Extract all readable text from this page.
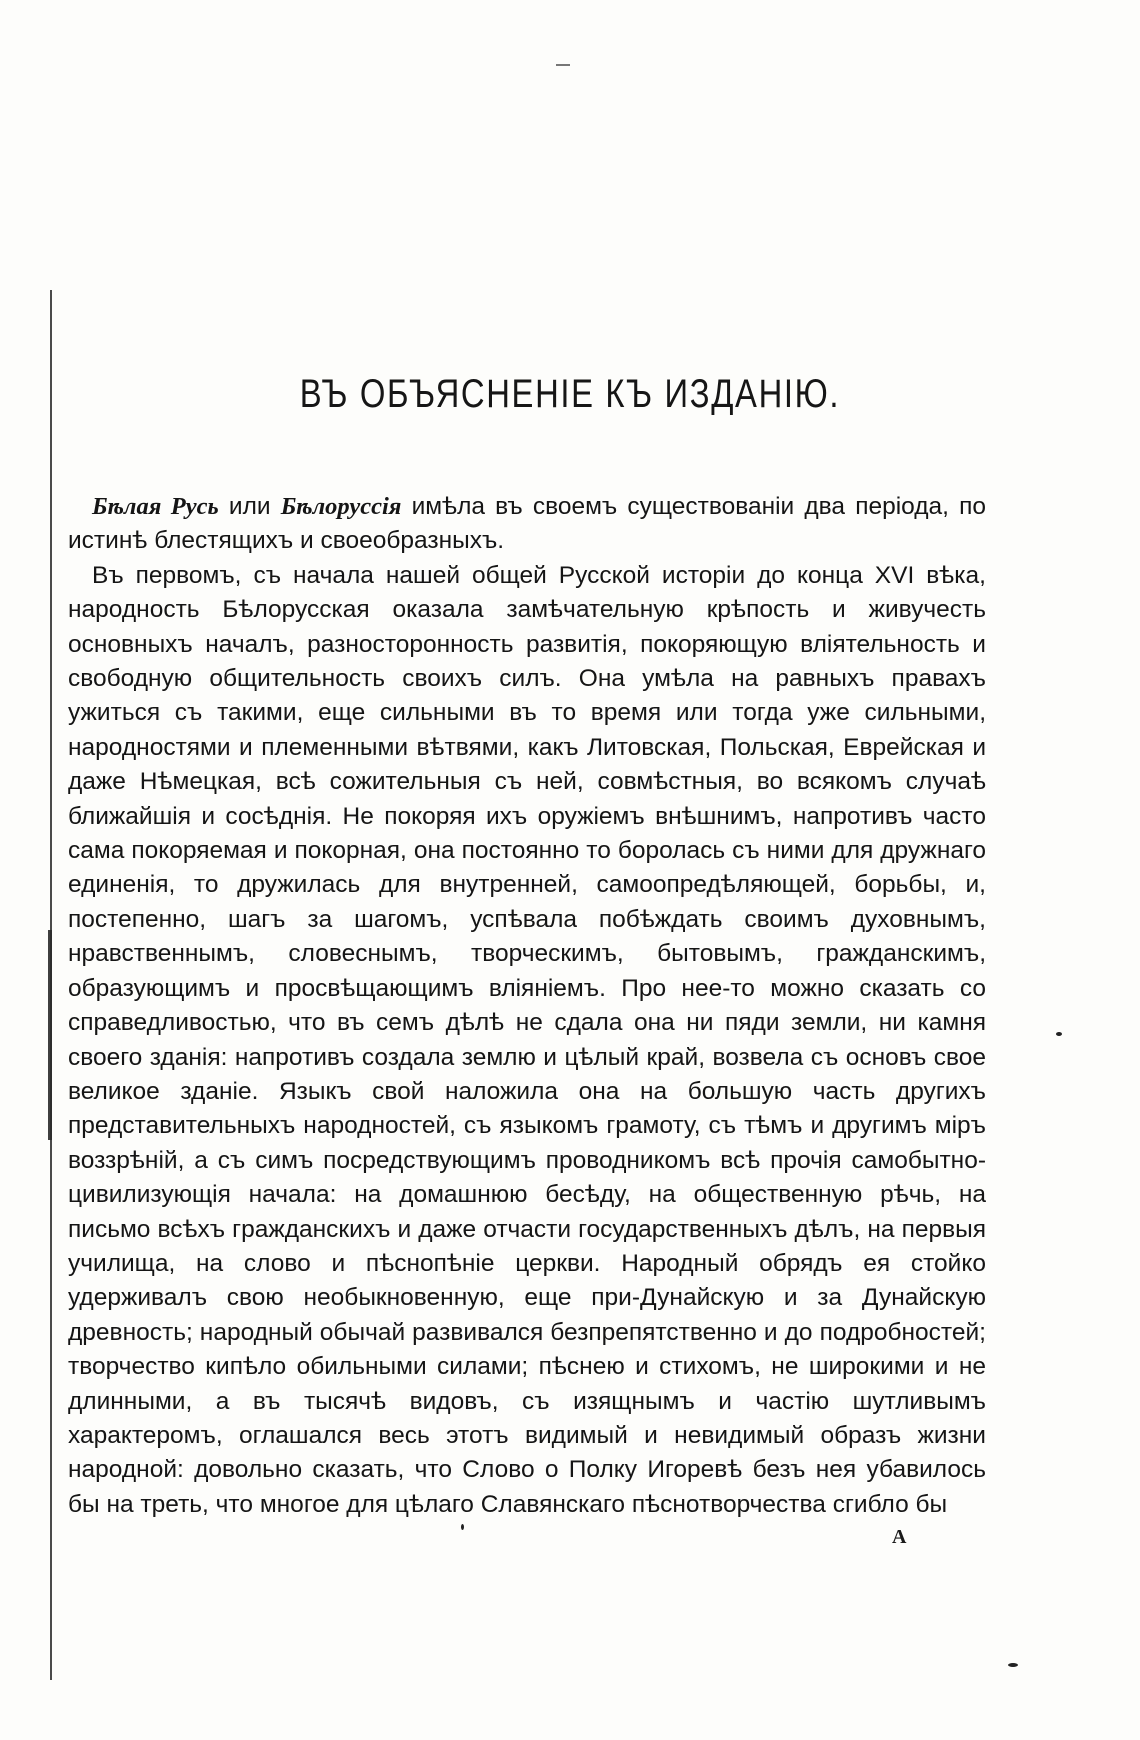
ВЪ ОБЪЯСНЕНІЕ КЪ ИЗДАНІЮ.

Бѣлая Русь или Бѣлоруссія имѣла въ своемъ существованіи два періода, по истинѣ блестящихъ и своеобразныхъ.

Въ первомъ, съ начала нашей общей Русской исторіи до конца XVI вѣка, народность Бѣлорусская оказала замѣчательную крѣпость и живучесть основныхъ началъ, разносторонность развитія, покоряющую вліятельность и свободную общительность своихъ силъ. Она умѣла на равныхъ правахъ ужиться съ такими, еще сильными въ то время или тогда уже сильными, народностями и племенными вѣтвями, какъ Литовская, Польская, Еврейская и даже Нѣмецкая, всѣ сожительныя съ ней, совмѣстныя, во всякомъ случаѣ ближайшія и сосѣднія. Не покоряя ихъ оружіемъ внѣшнимъ, напротивъ часто сама покоряемая и покорная, она постоянно то боролась съ ними для дружнаго единенія, то дружилась для внутренней, самоопредѣляющей, борьбы, и, постепенно, шагъ за шагомъ, успѣвала побѣждать своимъ духовнымъ, нравственнымъ, словеснымъ, творческимъ, бытовымъ, гражданскимъ, образующимъ и просвѣщающимъ вліяніемъ. Про нее-то можно сказать со справедливостью, что въ семъ дѣлѣ не сдала она ни пяди земли, ни камня своего зданія: напротивъ создала землю и цѣлый край, возвела съ основъ свое великое зданіе. Языкъ свой наложила она на большую часть другихъ представительныхъ народностей, съ языкомъ грамоту, съ тѣмъ и другимъ міръ воззрѣній, а съ симъ посредствующимъ проводникомъ всѣ прочія самобытно-цивилизующія начала: на домашнюю бесѣду, на общественную рѣчь, на письмо всѣхъ гражданскихъ и даже отчасти государственныхъ дѣлъ, на первыя училища, на слово и пѣснопѣніе церкви. Народный обрядъ ея стойко удерживалъ свою необыкновенную, еще при-Дунайскую и за Дунайскую древность; народный обычай развивался безпрепятственно и до подробностей; творчество кипѣло обильными силами; пѣснею и стихомъ, не широкими и не длинными, а въ тысячѣ видовъ, съ изящнымъ и частію шутливымъ характеромъ, оглашался весь этотъ видимый и невидимый образъ жизни народной: довольно сказать, что Слово о Полку Игоревѣ безъ нея убавилось бы на треть, что многое для цѣлаго Славянскаго пѣснотворчества сгибло бы

A
